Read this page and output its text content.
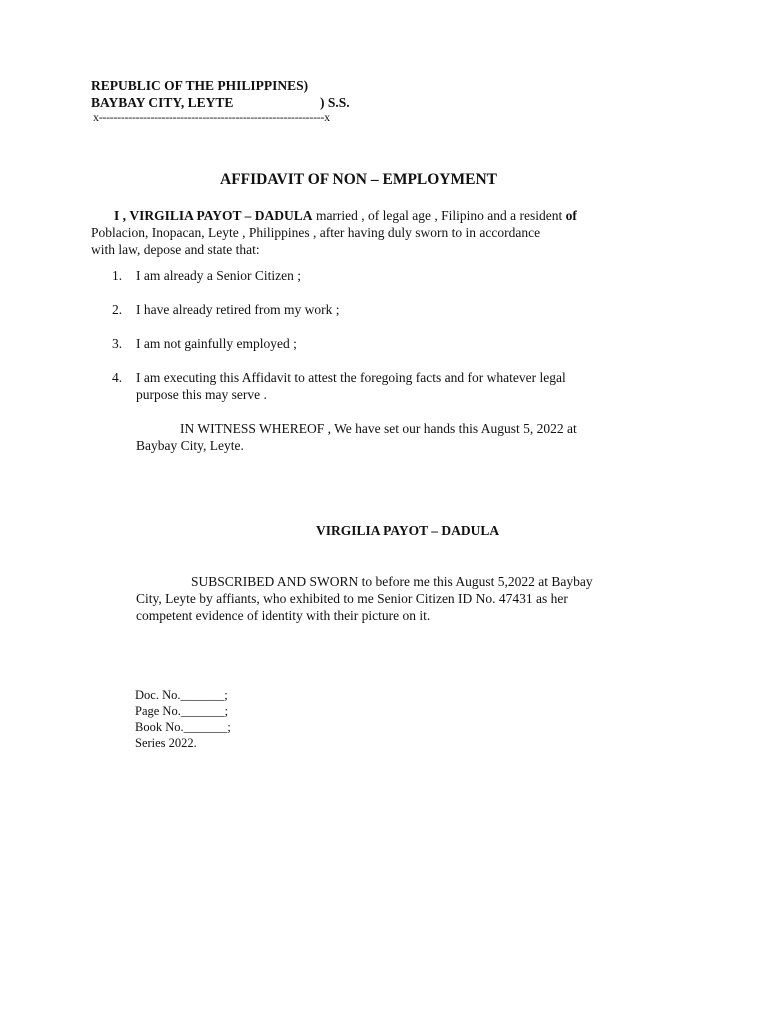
REPUBLIC OF THE PHILIPPINES)
BAYBAY CITY, LEYTE	) S.S.
x-------------------------------------------------------------x
AFFIDAVIT OF NON – EMPLOYMENT
I , VIRGILIA PAYOT – DADULA married , of legal age , Filipino and a resident of
Poblacion, Inopacan, Leyte , Philippines , after having duly sworn to in accordance
with law, depose and state that:
1. I am already a Senior Citizen ;
2. I have already retired from my work ;
3. I am not gainfully employed ;
4. I am executing this Affidavit to attest the foregoing facts and for whatever legal
purpose this may serve .
IN WITNESS WHEREOF , We have set our hands this August 5, 2022 at
Baybay City, Leyte.
VIRGILIA PAYOT – DADULA
SUBSCRIBED AND SWORN to before me this August 5,2022 at Baybay
City, Leyte by affiants, who exhibited to me Senior Citizen ID No. 47431 as her
competent evidence of identity with their picture on it.
Doc. No._______;
Page No._______;
Book No._______;
Series 2022.
